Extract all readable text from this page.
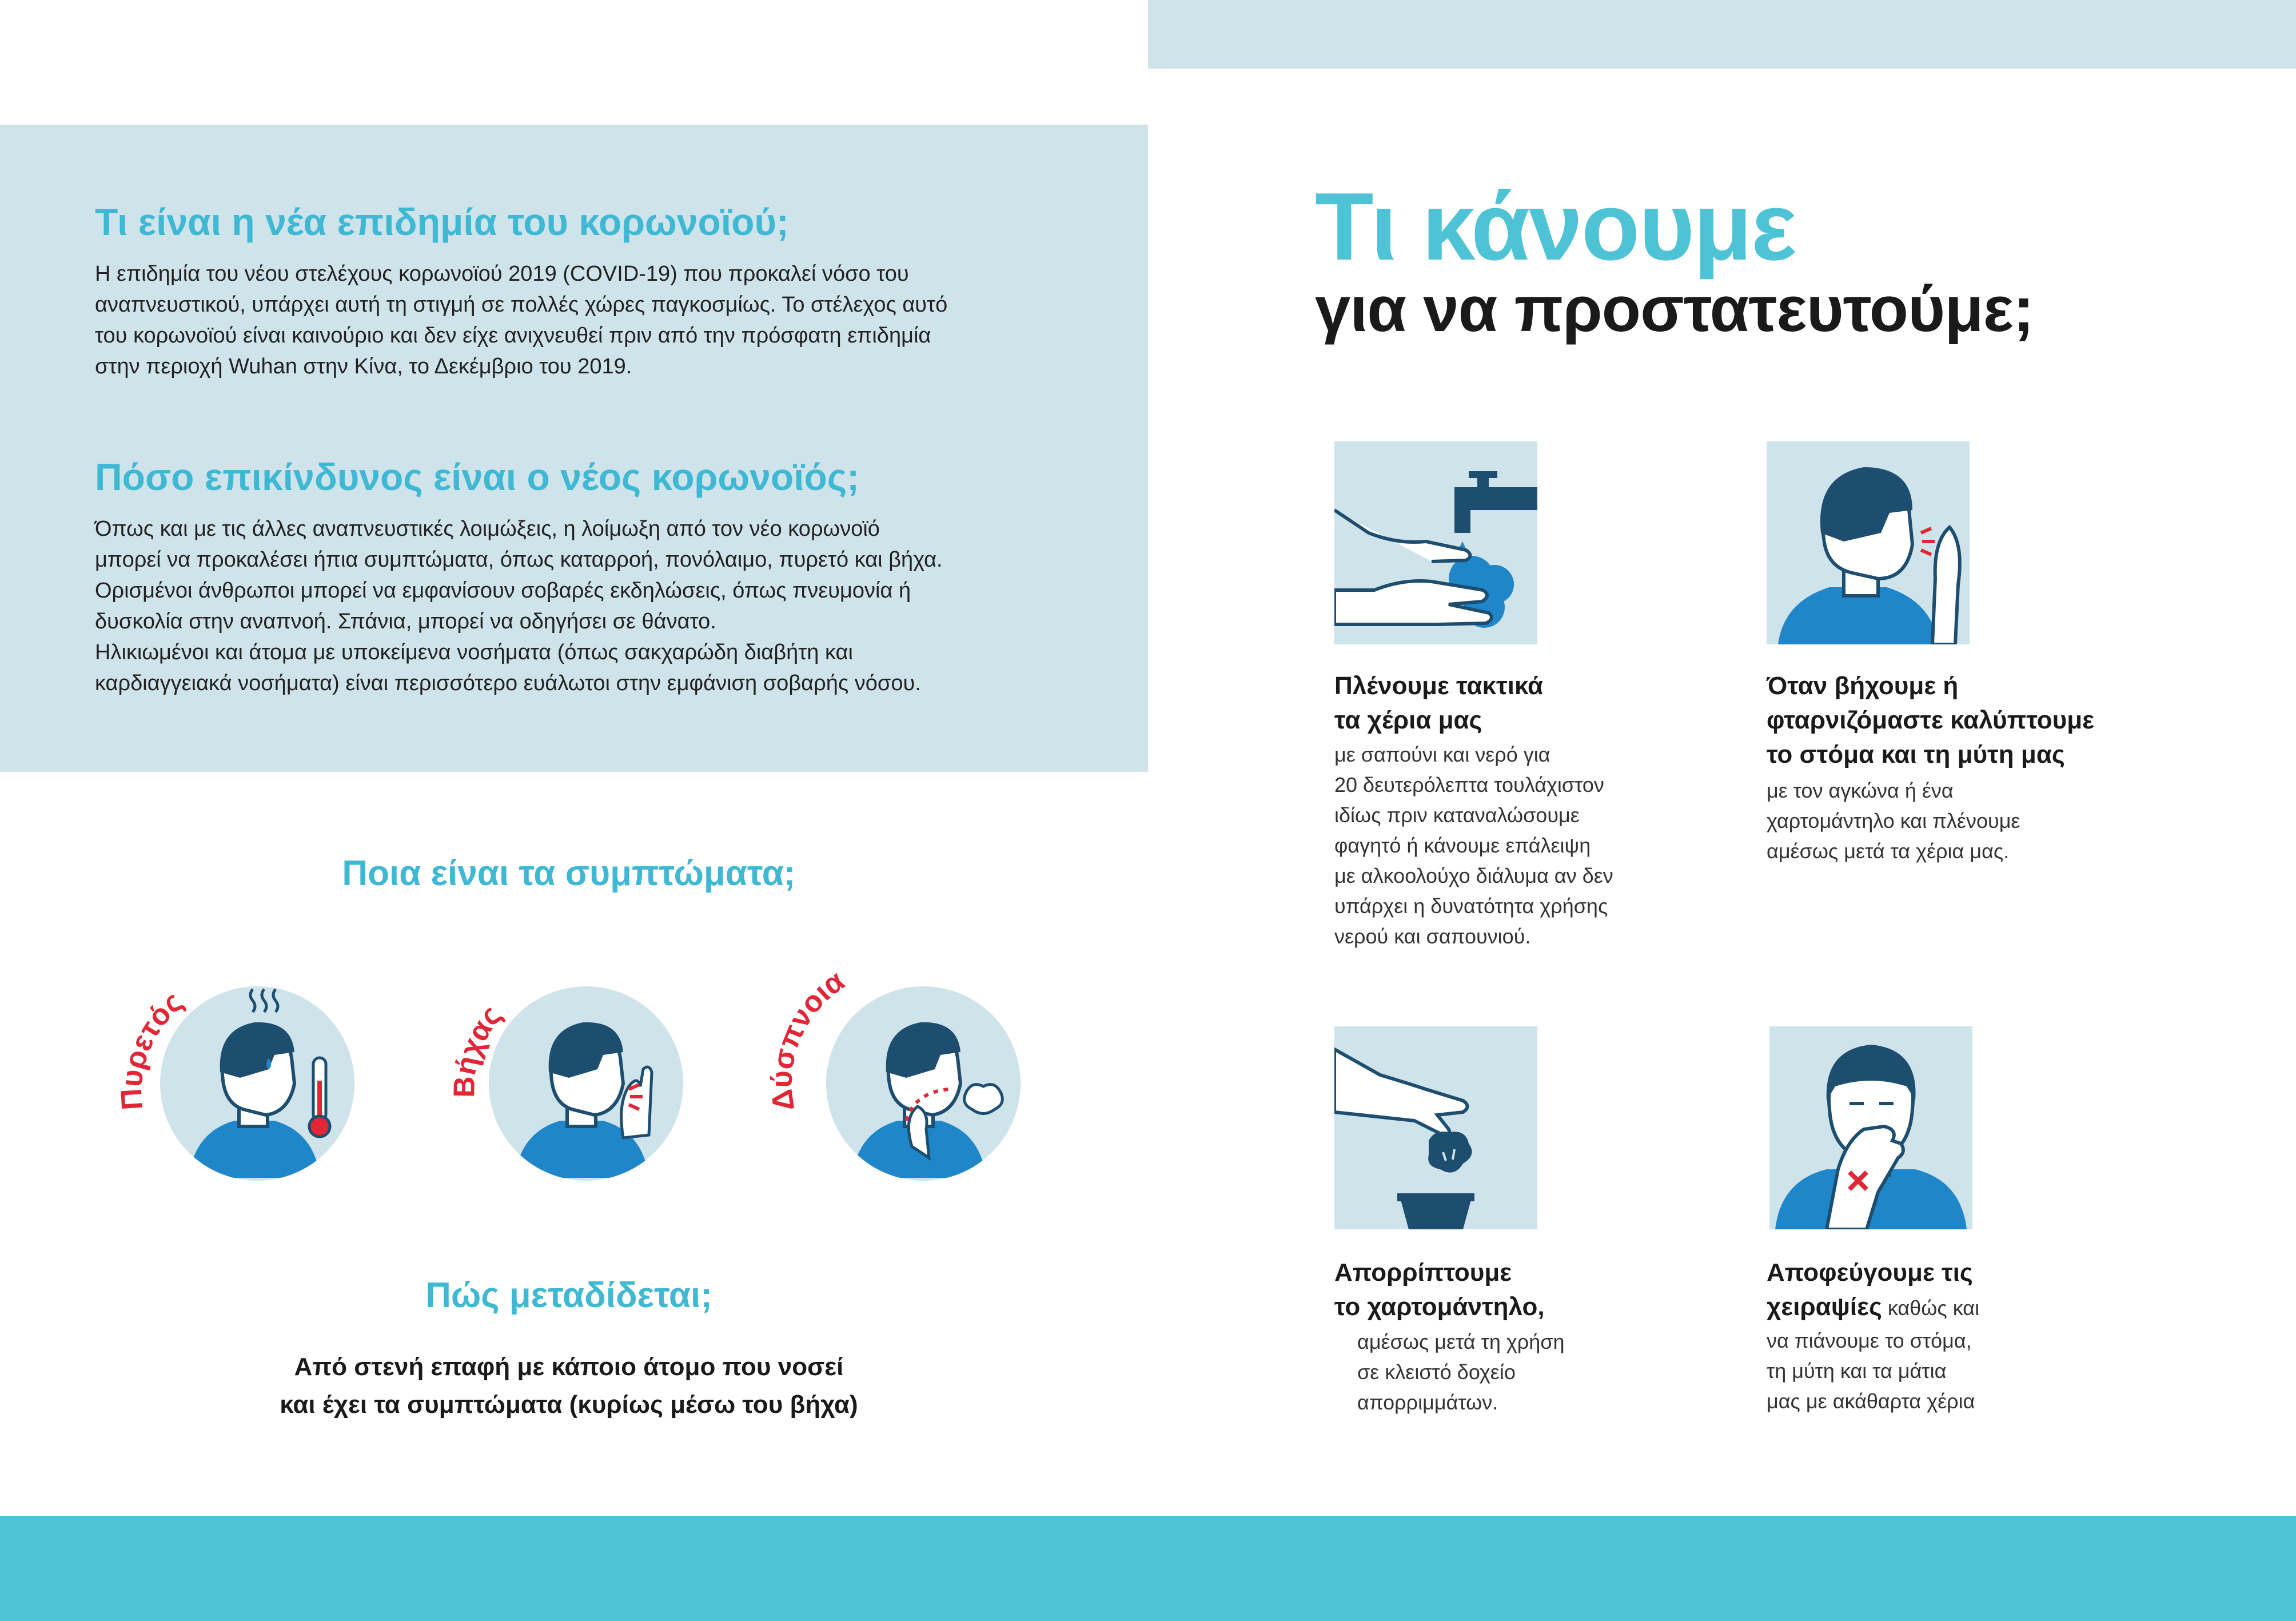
Τι είναι η νέα επιδημία του κορωνοϊού;
Η επιδημία του νέου στελέχους κορωνοϊού 2019 (COVID-19) που προκαλεί νόσο του
αναπνευστικού, υπάρχει αυτή τη στιγμή σε πολλές χώρες παγκοσμίως. Το στέλεχος αυτό
του κορωνοϊού είναι καινούριο και δεν είχε ανιχνευθεί πριν από την πρόσφατη επιδημία
στην περιοχή Wuhan στην Κίνα, το Δεκέμβριο του 2019.
Πόσο επικίνδυνος είναι ο νέος κορωνοϊός;
Όπως και με τις άλλες αναπνευστικές λοιμώξεις, η λοίμωξη από τον νέο κορωνοϊό
μπορεί να προκαλέσει ήπια συμπτώματα, όπως καταρροή, πονόλαιμο, πυρετό και βήχα.
Ορισμένοι άνθρωποι μπορεί να εμφανίσουν σοβαρές εκδηλώσεις, όπως πνευμονία ή
δυσκολία στην αναπνοή. Σπάνια, μπορεί να οδηγήσει σε θάνατο.
Ηλικιωμένοι και άτομα με υποκείμενα νοσήματα (όπως σακχαρώδη διαβήτη και
καρδιαγγειακά νοσήματα) είναι περισσότερο ευάλωτοι στην εμφάνιση σοβαρής νόσου.
Ποια είναι τα συμπτώματα;
Πυρετός
Βήχας
Δύσπνοια
Πώς μεταδίδεται;
Από στενή επαφή με κάποιο άτομο που νοσεί
και έχει τα συμπτώματα (κυρίως μέσω του βήχα)
Τι κάνουμε
για να προστατευτούμε;
Πλένουμε τακτικά
τα χέρια μας
με σαπούνι και νερό για
20 δευτερόλεπτα τουλάχιστον
ιδίως πριν καταναλώσουμε
φαγητό ή κάνουμε επάλειψη
με αλκοολούχο διάλυμα αν δεν
υπάρχει η δυνατότητα χρήσης
νερού και σαπουνιού.
Όταν βήχουμε ή
φταρνιζόμαστε καλύπτουμε
το στόμα και τη μύτη μας
με τον αγκώνα ή ένα
χαρτομάντηλο και πλένουμε
αμέσως μετά τα χέρια μας.
Απορρίπτουμε
το χαρτομάντηλο,
αμέσως μετά τη χρήση
σε κλειστό δοχείο
απορριμμάτων.
Αποφεύγουμε τις
χειραψίες καθώς και
να πιάνουμε το στόμα,
τη μύτη και τα μάτια
μας με ακάθαρτα χέρια
